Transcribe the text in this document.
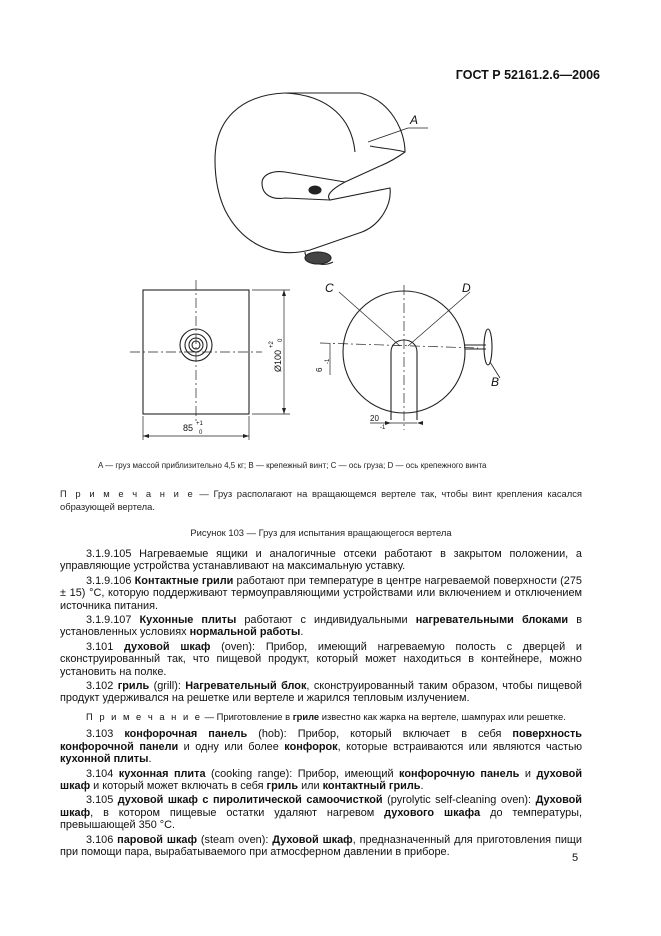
ГОСТ Р 52161.2.6—2006
A
85 +1
0
Ø100
+2
0
C	D
B
20
-1
6
-1
A — груз массой приблизительно 4,5 кг; B — крепежный винт; C — ось груза; D — ось крепежного винта
П р и м е ч а н и е — Груз располагают на вращающемся вертеле так, чтобы винт крепления касался образующей вертела.
Рисунок 103 — Груз для испытания вращающегося вертела

3.1.9.105 Нагреваемые ящики и аналогичные отсеки работают в закрытом положении, а управляющие устройства устанавливают на максимальную уставку.

3.1.9.106 Контактные грили работают при температуре в центре нагреваемой поверхности (275 ± 15) °С, которую поддерживают термоуправляющими устройствами или включением и отключением источника питания.

3.1.9.107 Кухонные плиты работают с индивидуальными нагревательными блоками в установленных условиях нормальной работы.

3.101 духовой шкаф (oven): Прибор, имеющий нагреваемую полость с дверцей и сконструированный так, что пищевой продукт, который может находиться в контейнере, можно установить на полке.

3.102 гриль (grill): Нагревательный блок, сконструированный таким образом, чтобы пищевой продукт удерживался на решетке или вертеле и жарился тепловым излучением.

П р и м е ч а н и е — Приготовление в гриле известно как жарка на вертеле, шампурах или решетке.

3.103 конфорочная панель (hob): Прибор, который включает в себя поверхность конфорочной панели и одну или более конфорок, которые встраиваются или являются частью кухонной плиты.

3.104 кухонная плита (cooking range): Прибор, имеющий конфорочную панель и духовой шкаф и который может включать в себя гриль или контактный гриль.

3.105 духовой шкаф с пиролитической самоочисткой (pyrolytic self-cleaning oven): Духовой шкаф, в котором пищевые остатки удаляют нагревом духового шкафа до температуры, превышающей 350 °С.

3.106 паровой шкаф (steam oven): Духовой шкаф, предназначенный для приготовления пищи при помощи пара, вырабатываемого при атмосферном давлении в приборе.

5
